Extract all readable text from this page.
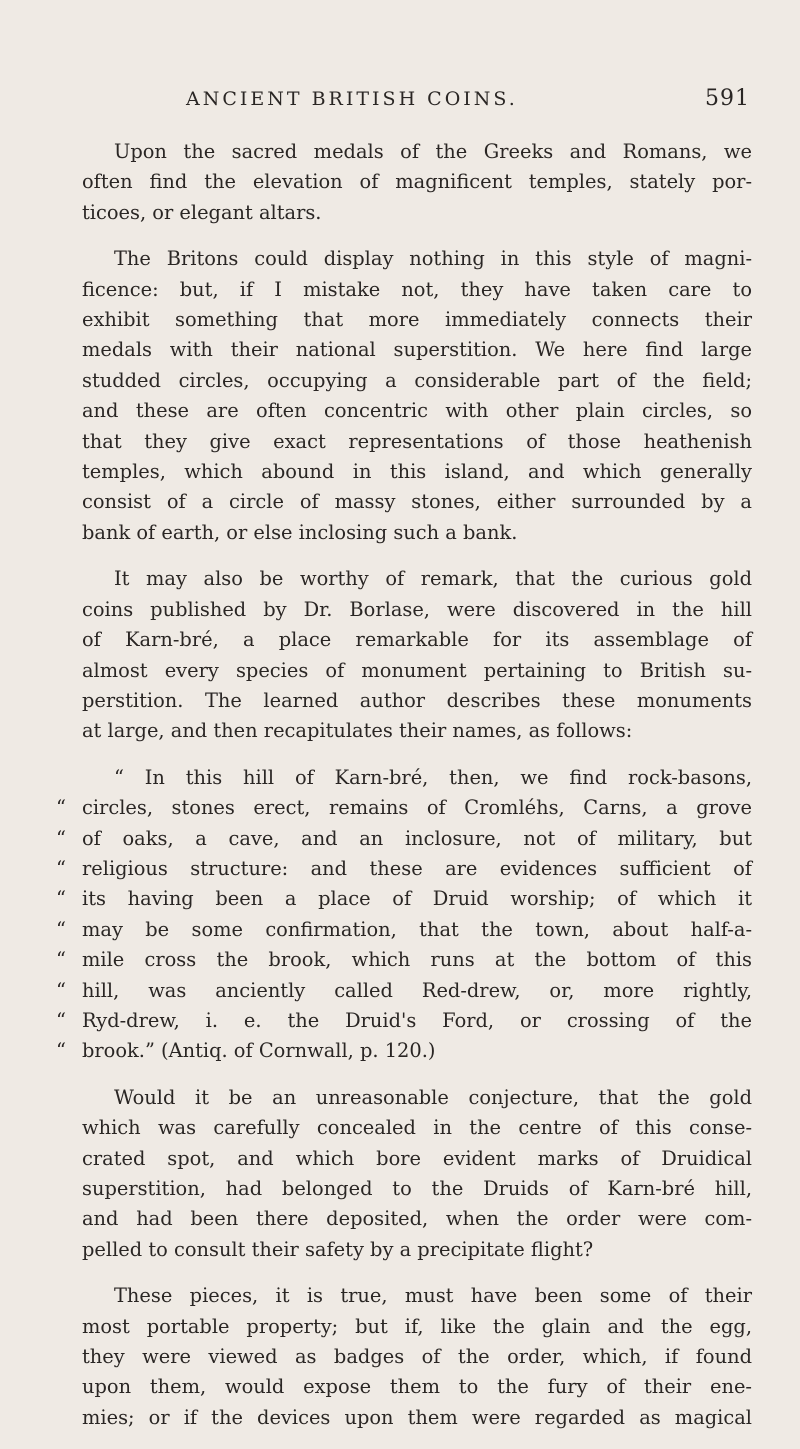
ANCIENT BRITISH COINS.	591
Upon the sacred medals of the Greeks and Romans, we
often find the elevation of magnificent temples, stately por-
ticoes, or elegant altars.
The Britons could display nothing in this style of magni-
ficence: but, if I mistake not, they have taken care to
exhibit something that more immediately connects their
medals with their national superstition. We here find large
studded circles, occupying a considerable part of the field;
and these are often concentric with other plain circles, so
that they give exact representations of those heathenish
temples, which abound in this island, and which generally
consist of a circle of massy stones, either surrounded by a
bank of earth, or else inclosing such a bank.
It may also be worthy of remark, that the curious gold
coins published by Dr. Borlase, were discovered in the hill
of Karn-bré, a place remarkable for its assemblage of
almost every species of monument pertaining to British su-
perstition. The learned author describes these monuments
at large, and then recapitulates their names, as follows:
“ In this hill of Karn-bré, then, we find rock-basons,
“ circles, stones erect, remains of Cromléhs, Carns, a grove
“ of oaks, a cave, and an inclosure, not of military, but
“ religious structure: and these are evidences sufficient of
“ its having been a place of Druid worship; of which it
“ may be some confirmation, that the town, about half-a-
“ mile cross the brook, which runs at the bottom of this
“ hill, was anciently called Red-drew, or, more rightly,
“ Ryd-drew, i. e. the Druid's Ford, or crossing of the
“ brook.” (Antiq. of Cornwall, p. 120.)
Would it be an unreasonable conjecture, that the gold
which was carefully concealed in the centre of this conse-
crated spot, and which bore evident marks of Druidical
superstition, had belonged to the Druids of Karn-bré hill,
and had been there deposited, when the order were com-
pelled to consult their safety by a precipitate flight?
These pieces, it is true, must have been some of their
most portable property; but if, like the glain and the egg,
they were viewed as badges of the order, which, if found
upon them, would expose them to the fury of their ene-
mies; or if the devices upon them were regarded as magical
